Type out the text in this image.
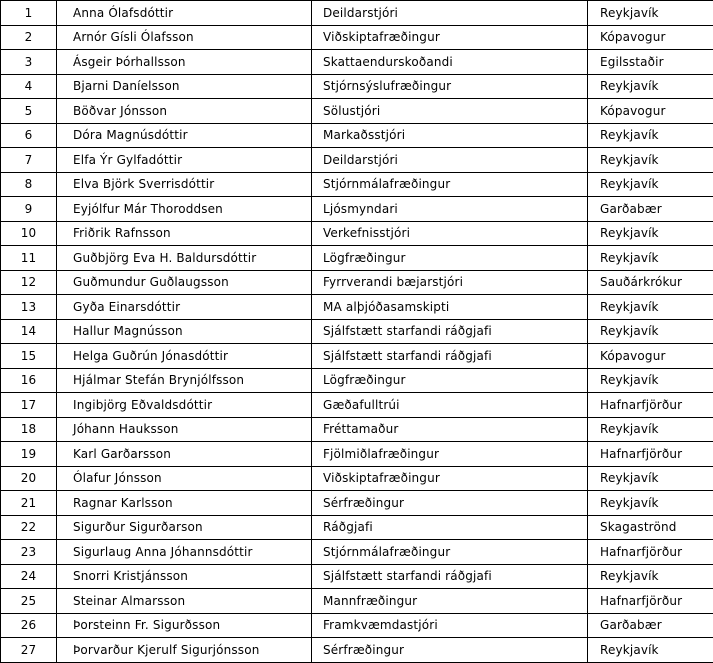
1	Anna Ólafsdóttir	Deildarstjóri	Reykjavík
2	Arnór Gísli Ólafsson	Viðskiptafræðingur	Kópavogur
3	Ásgeir Þórhallsson	Skattaendurskoðandi	Egilsstaðir
4	Bjarni Daníelsson	Stjórnsýslufræðingur	Reykjavík
5	Böðvar Jónsson	Sölustjóri	Kópavogur
6	Dóra Magnúsdóttir	Markaðsstjóri	Reykjavík
7	Elfa Ýr Gylfadóttir	Deildarstjóri	Reykjavík
8	Elva Björk Sverrisdóttir	Stjórnmálafræðingur	Reykjavík
9	Eyjólfur Már Thoroddsen	Ljósmyndari	Garðabær
10	Friðrik Rafnsson	Verkefnisstjóri	Reykjavík
11	Guðbjörg Eva H. Baldursdóttir	Lögfræðingur	Reykjavík
12	Guðmundur Guðlaugsson	Fyrrverandi bæjarstjóri	Sauðárkrókur
13	Gyða Einarsdóttir	MA alþjóðasamskipti	Reykjavík
14	Hallur Magnússon	Sjálfstætt starfandi ráðgjafi	Reykjavík
15	Helga Guðrún Jónasdóttir	Sjálfstætt starfandi ráðgjafi	Kópavogur
16	Hjálmar Stefán Brynjólfsson	Lögfræðingur	Reykjavík
17	Ingibjörg Eðvaldsdóttir	Gæðafulltrúi	Hafnarfjörður
18	Jóhann Hauksson	Fréttamaður	Reykjavík
19	Karl Garðarsson	Fjölmiðlafræðingur	Hafnarfjörður
20	Ólafur Jónsson	Viðskiptafræðingur	Reykjavík
21	Ragnar Karlsson	Sérfræðingur	Reykjavík
22	Sigurður Sigurðarson	Ráðgjafi	Skagaströnd
23	Sigurlaug Anna Jóhannsdóttir	Stjórnmálafræðingur	Hafnarfjörður
24	Snorri Kristjánsson	Sjálfstætt starfandi ráðgjafi	Reykjavík
25	Steinar Almarsson	Mannfræðingur	Hafnarfjörður
26	Þorsteinn Fr. Sigurðsson	Framkvæmdastjóri	Garðabær
27	Þorvarður Kjerulf Sigurjónsson	Sérfræðingur	Reykjavík
